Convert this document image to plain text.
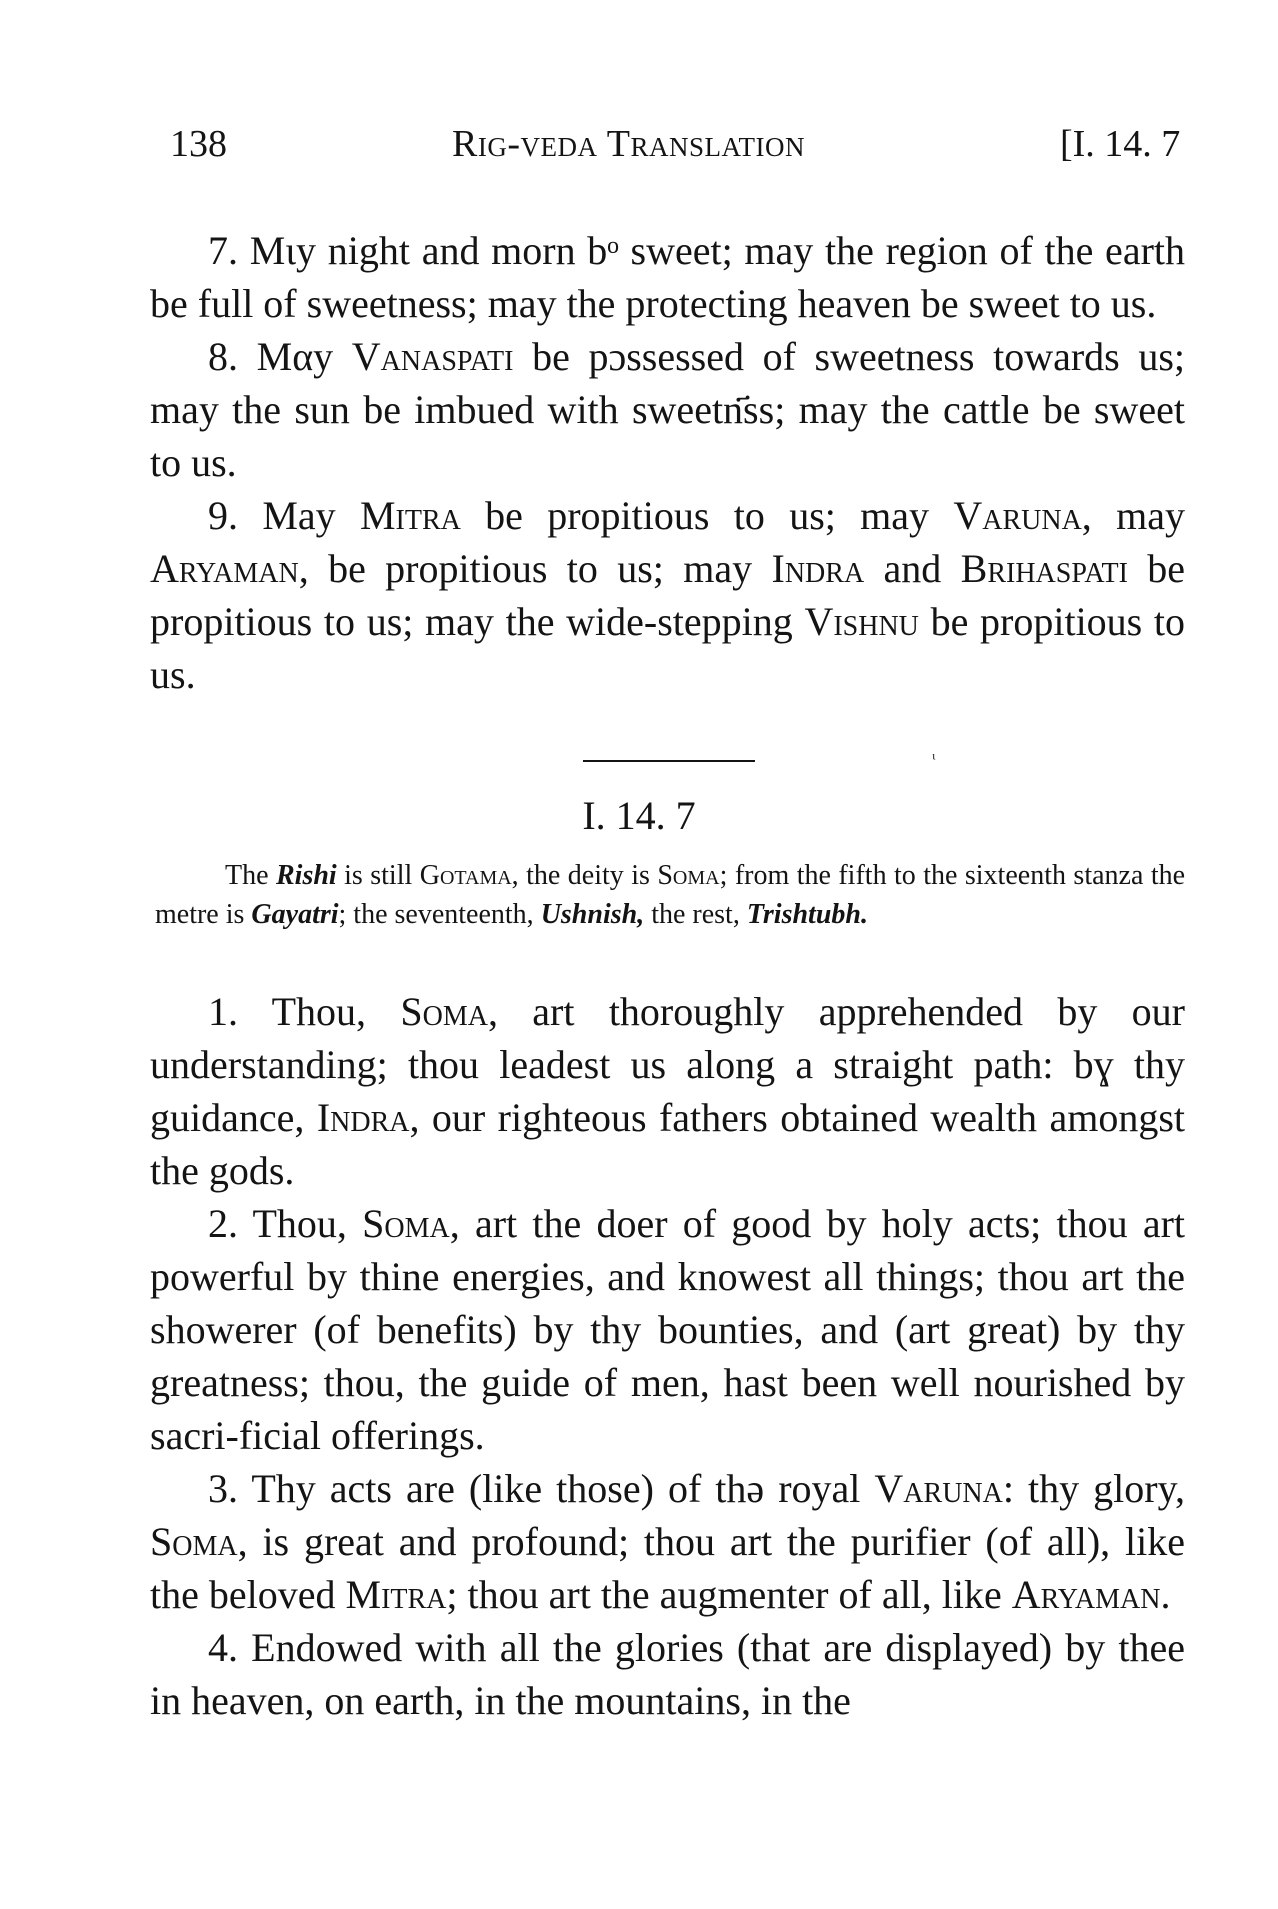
138	Rig-veda Translation	[I. 14. 7

7. Mιy night and morn bᵒ sweet; may the region of the earth be full of sweetness; may the protecting heaven be sweet to us.

8. Mαy Vanaspati be pɔssessed of sweetness towards us; may the sun be imbued with sweetn҃ss; may the cattle be sweet to us.

9. May Mitra be propitious to us; may Varuna, may Aryaman, be propitious to us; may Indra and Brihaspati be propitious to us; may the wide-stepping Vishnu be propitious to us.

ᶥ
I. 14. 7

The Rishi is still Gotama, the deity is Soma; from the fifth to the sixteenth stanza the metre is Gayatri; the seventeenth, Ushnish, the rest, Trishtubh.

1. Thou, Soma, art thoroughly apprehended by our understanding; thou leadest us along a straight path: bɣ thy guidance, Indra, our righteous fathers obtained wealth amongst the gods.

2. Thou, Soma, art the doer of good by holy acts; thou art powerful by thine energies, and knowest all things; thou art the showerer (of benefits) by thy bounties, and (art great) by thy greatness; thou, the guide of men, hast been well nourished by sacri-ficial offerings.

3. Thy acts are (like those) of thǝ royal Varuna: thy glory, Soma, is great and profound; thou art the purifier (of all), like the beloved Mitra; thou art the augmenter of all, like Aryaman.

4. Endowed with all the glories (that are displayed) by thee in heaven, on earth, in the mountains, in the
